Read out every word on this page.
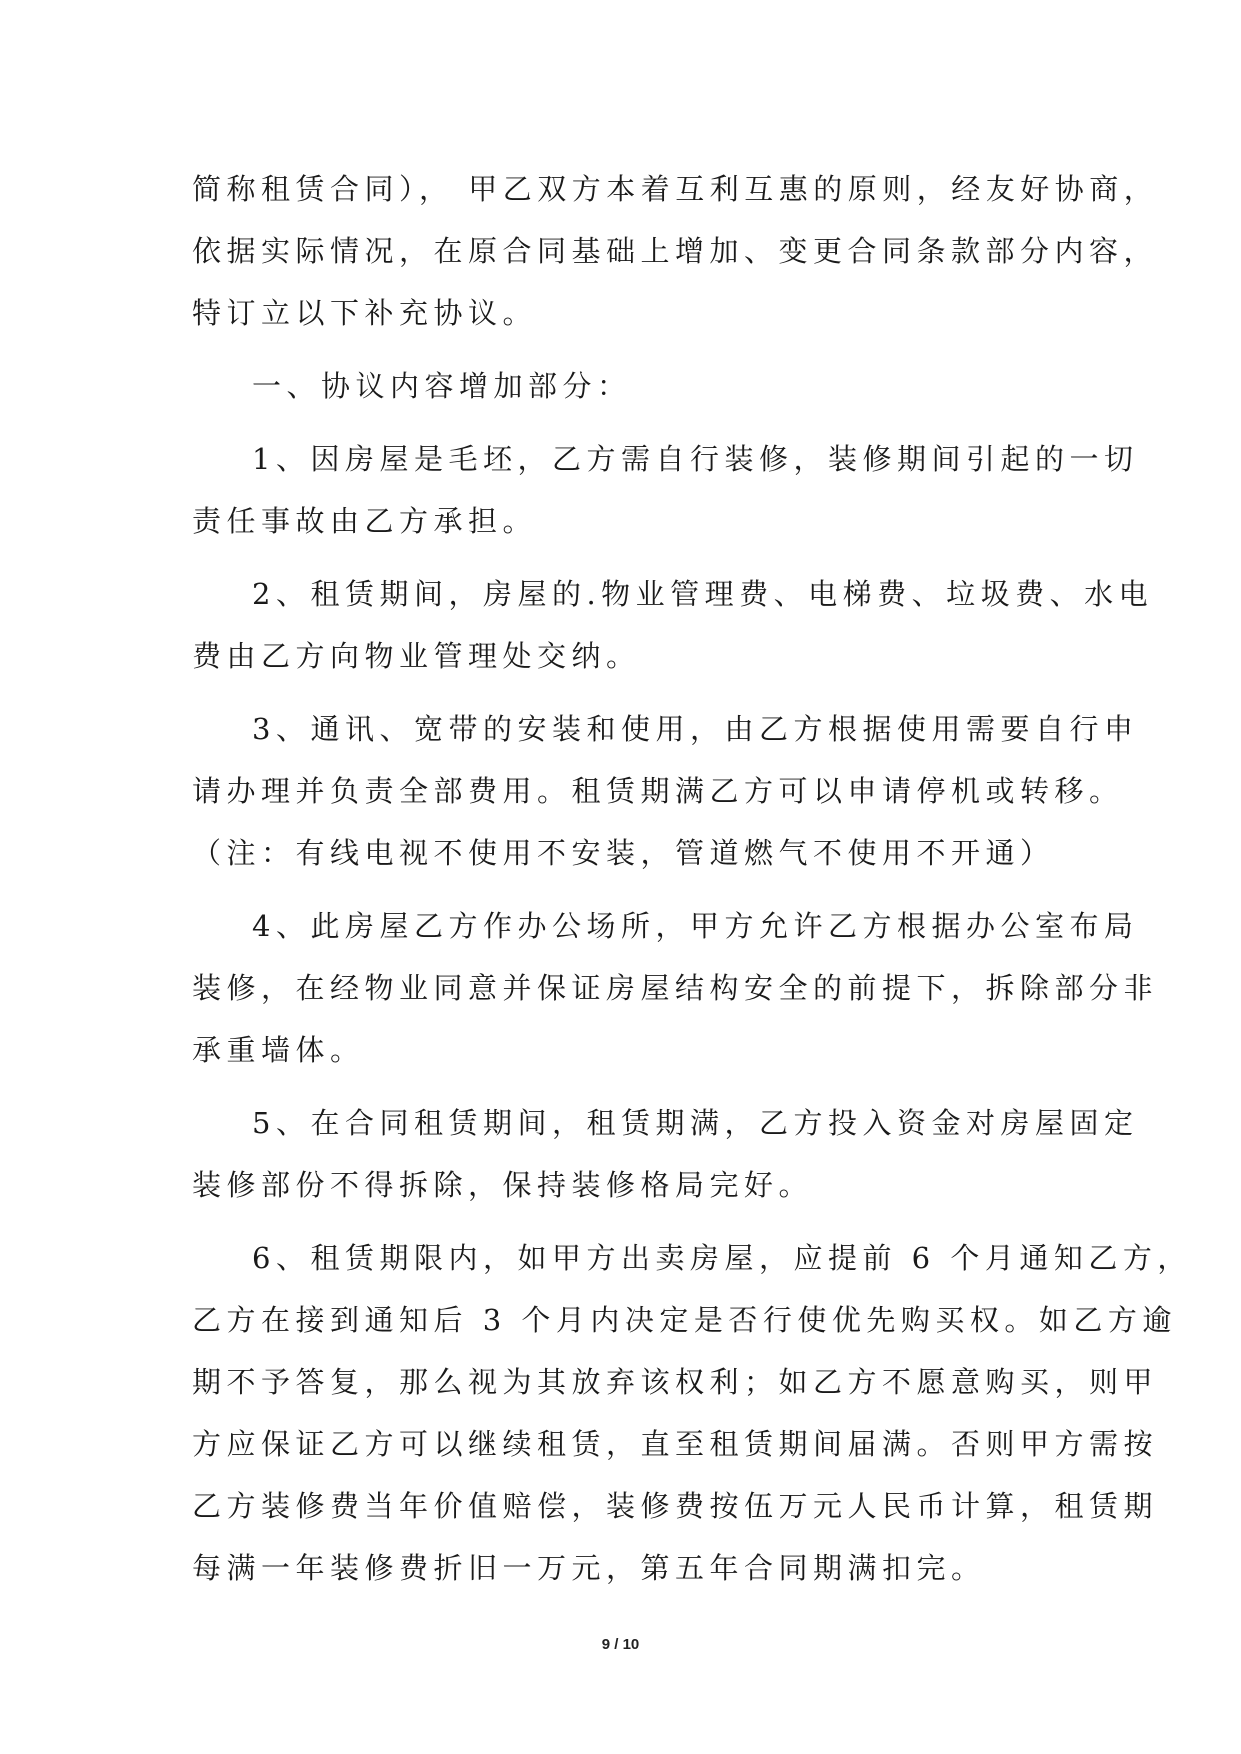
简称租赁合同）， 甲乙双方本着互利互惠的原则，经友好协商，
依据实际情况，在原合同基础上增加、变更合同条款部分内容，
特订立以下补充协议。
一、协议内容增加部分：
1、因房屋是毛坯，乙方需自行装修，装修期间引起的一切
责任事故由乙方承担。
2、租赁期间，房屋的.物业管理费、电梯费、垃圾费、水电
费由乙方向物业管理处交纳。
3、通讯、宽带的安装和使用，由乙方根据使用需要自行申
请办理并负责全部费用。租赁期满乙方可以申请停机或转移。
（注：有线电视不使用不安装，管道燃气不使用不开通）
4、此房屋乙方作办公场所，甲方允许乙方根据办公室布局
装修，在经物业同意并保证房屋结构安全的前提下，拆除部分非
承重墙体。
5、在合同租赁期间，租赁期满，乙方投入资金对房屋固定
装修部份不得拆除，保持装修格局完好。
6、租赁期限内，如甲方出卖房屋，应提前 6 个月通知乙方，
乙方在接到通知后 3 个月内决定是否行使优先购买权。如乙方逾
期不予答复，那么视为其放弃该权利；如乙方不愿意购买，则甲
方应保证乙方可以继续租赁，直至租赁期间届满。否则甲方需按
乙方装修费当年价值赔偿，装修费按伍万元人民币计算，租赁期
每满一年装修费折旧一万元，第五年合同期满扣完。
9 / 10
